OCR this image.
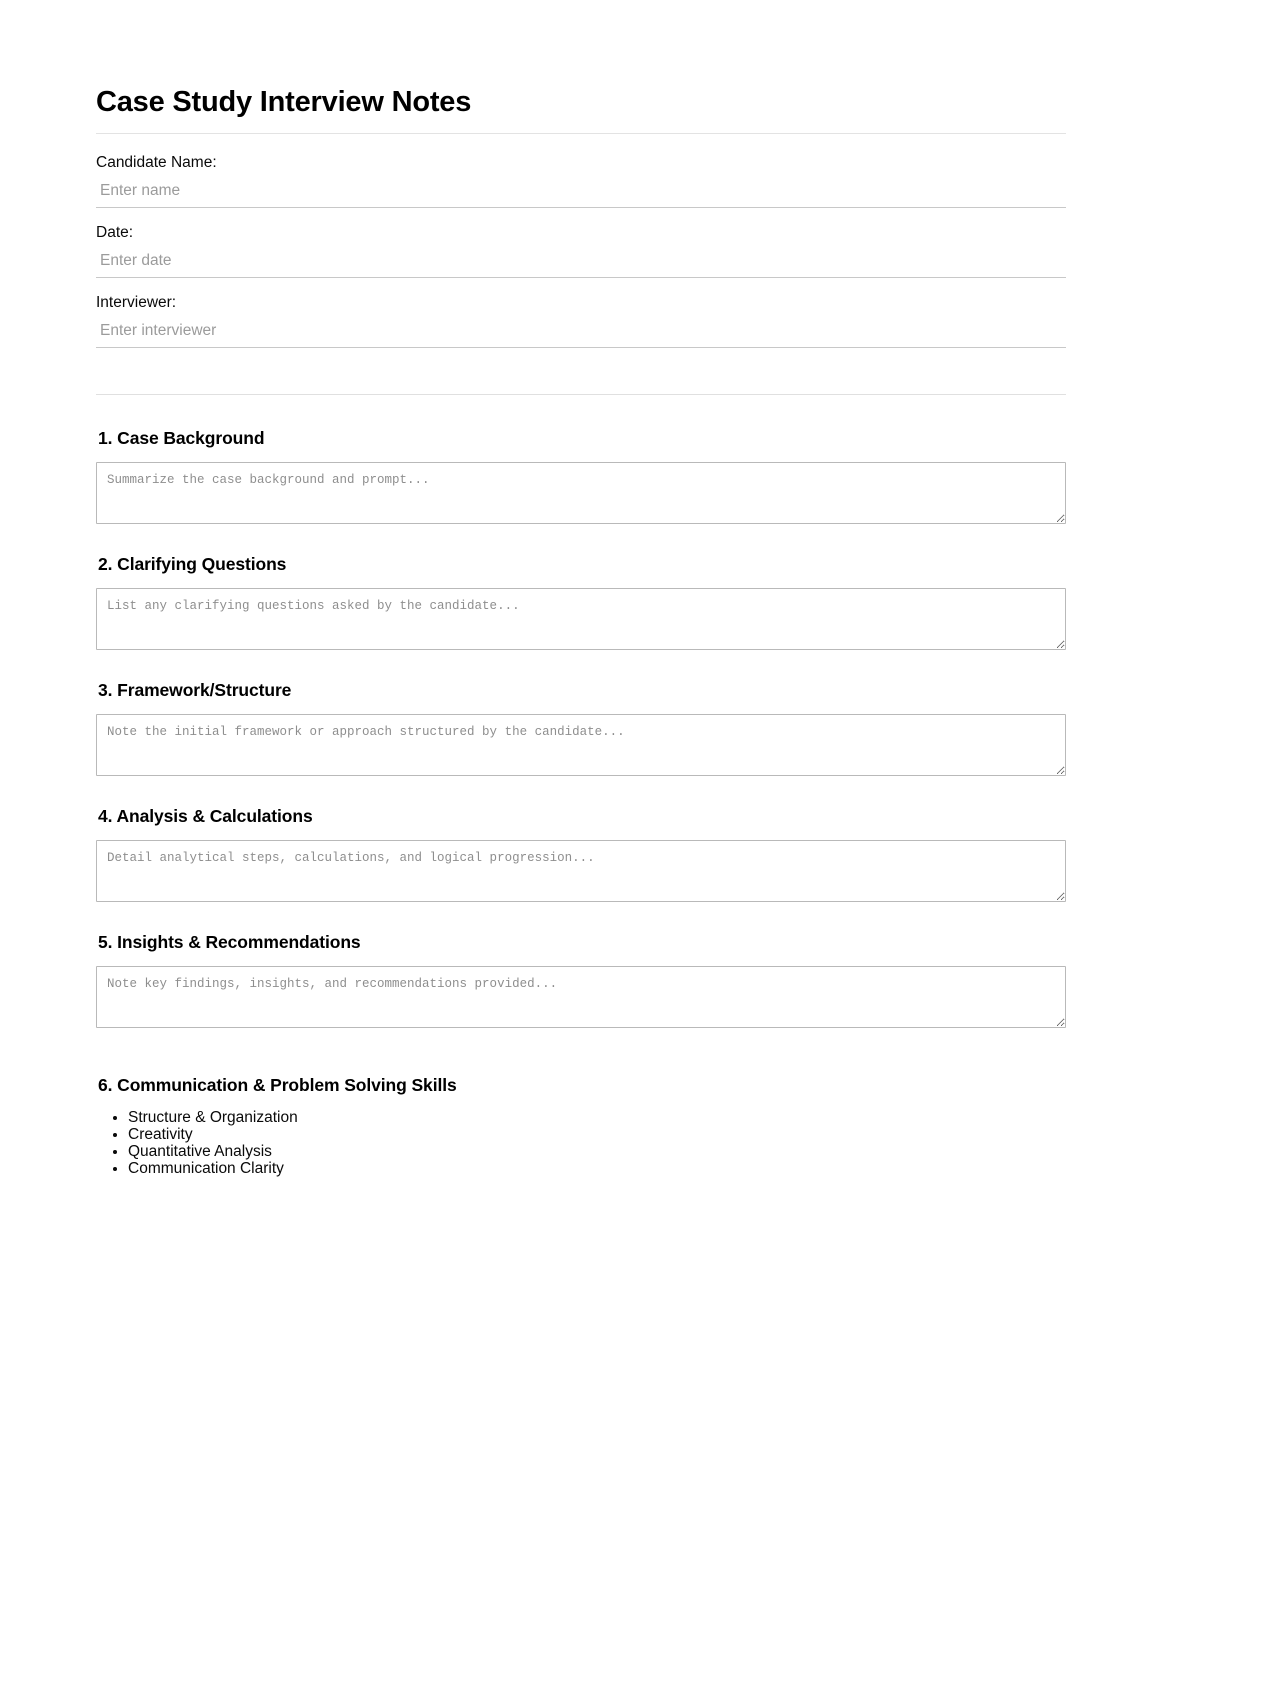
Case Study Interview Notes
Candidate Name:
Enter name
Date:
Enter date
Interviewer:
Enter interviewer
1. Case Background
Summarize the case background and prompt...
2. Clarifying Questions
List any clarifying questions asked by the candidate...
3. Framework/Structure
Note the initial framework or approach structured by the candidate...
4. Analysis & Calculations
Detail analytical steps, calculations, and logical progression...
5. Insights & Recommendations
Note key findings, insights, and recommendations provided...
6. Communication & Problem Solving Skills
• Structure & Organization
• Creativity
• Quantitative Analysis
• Communication Clarity
